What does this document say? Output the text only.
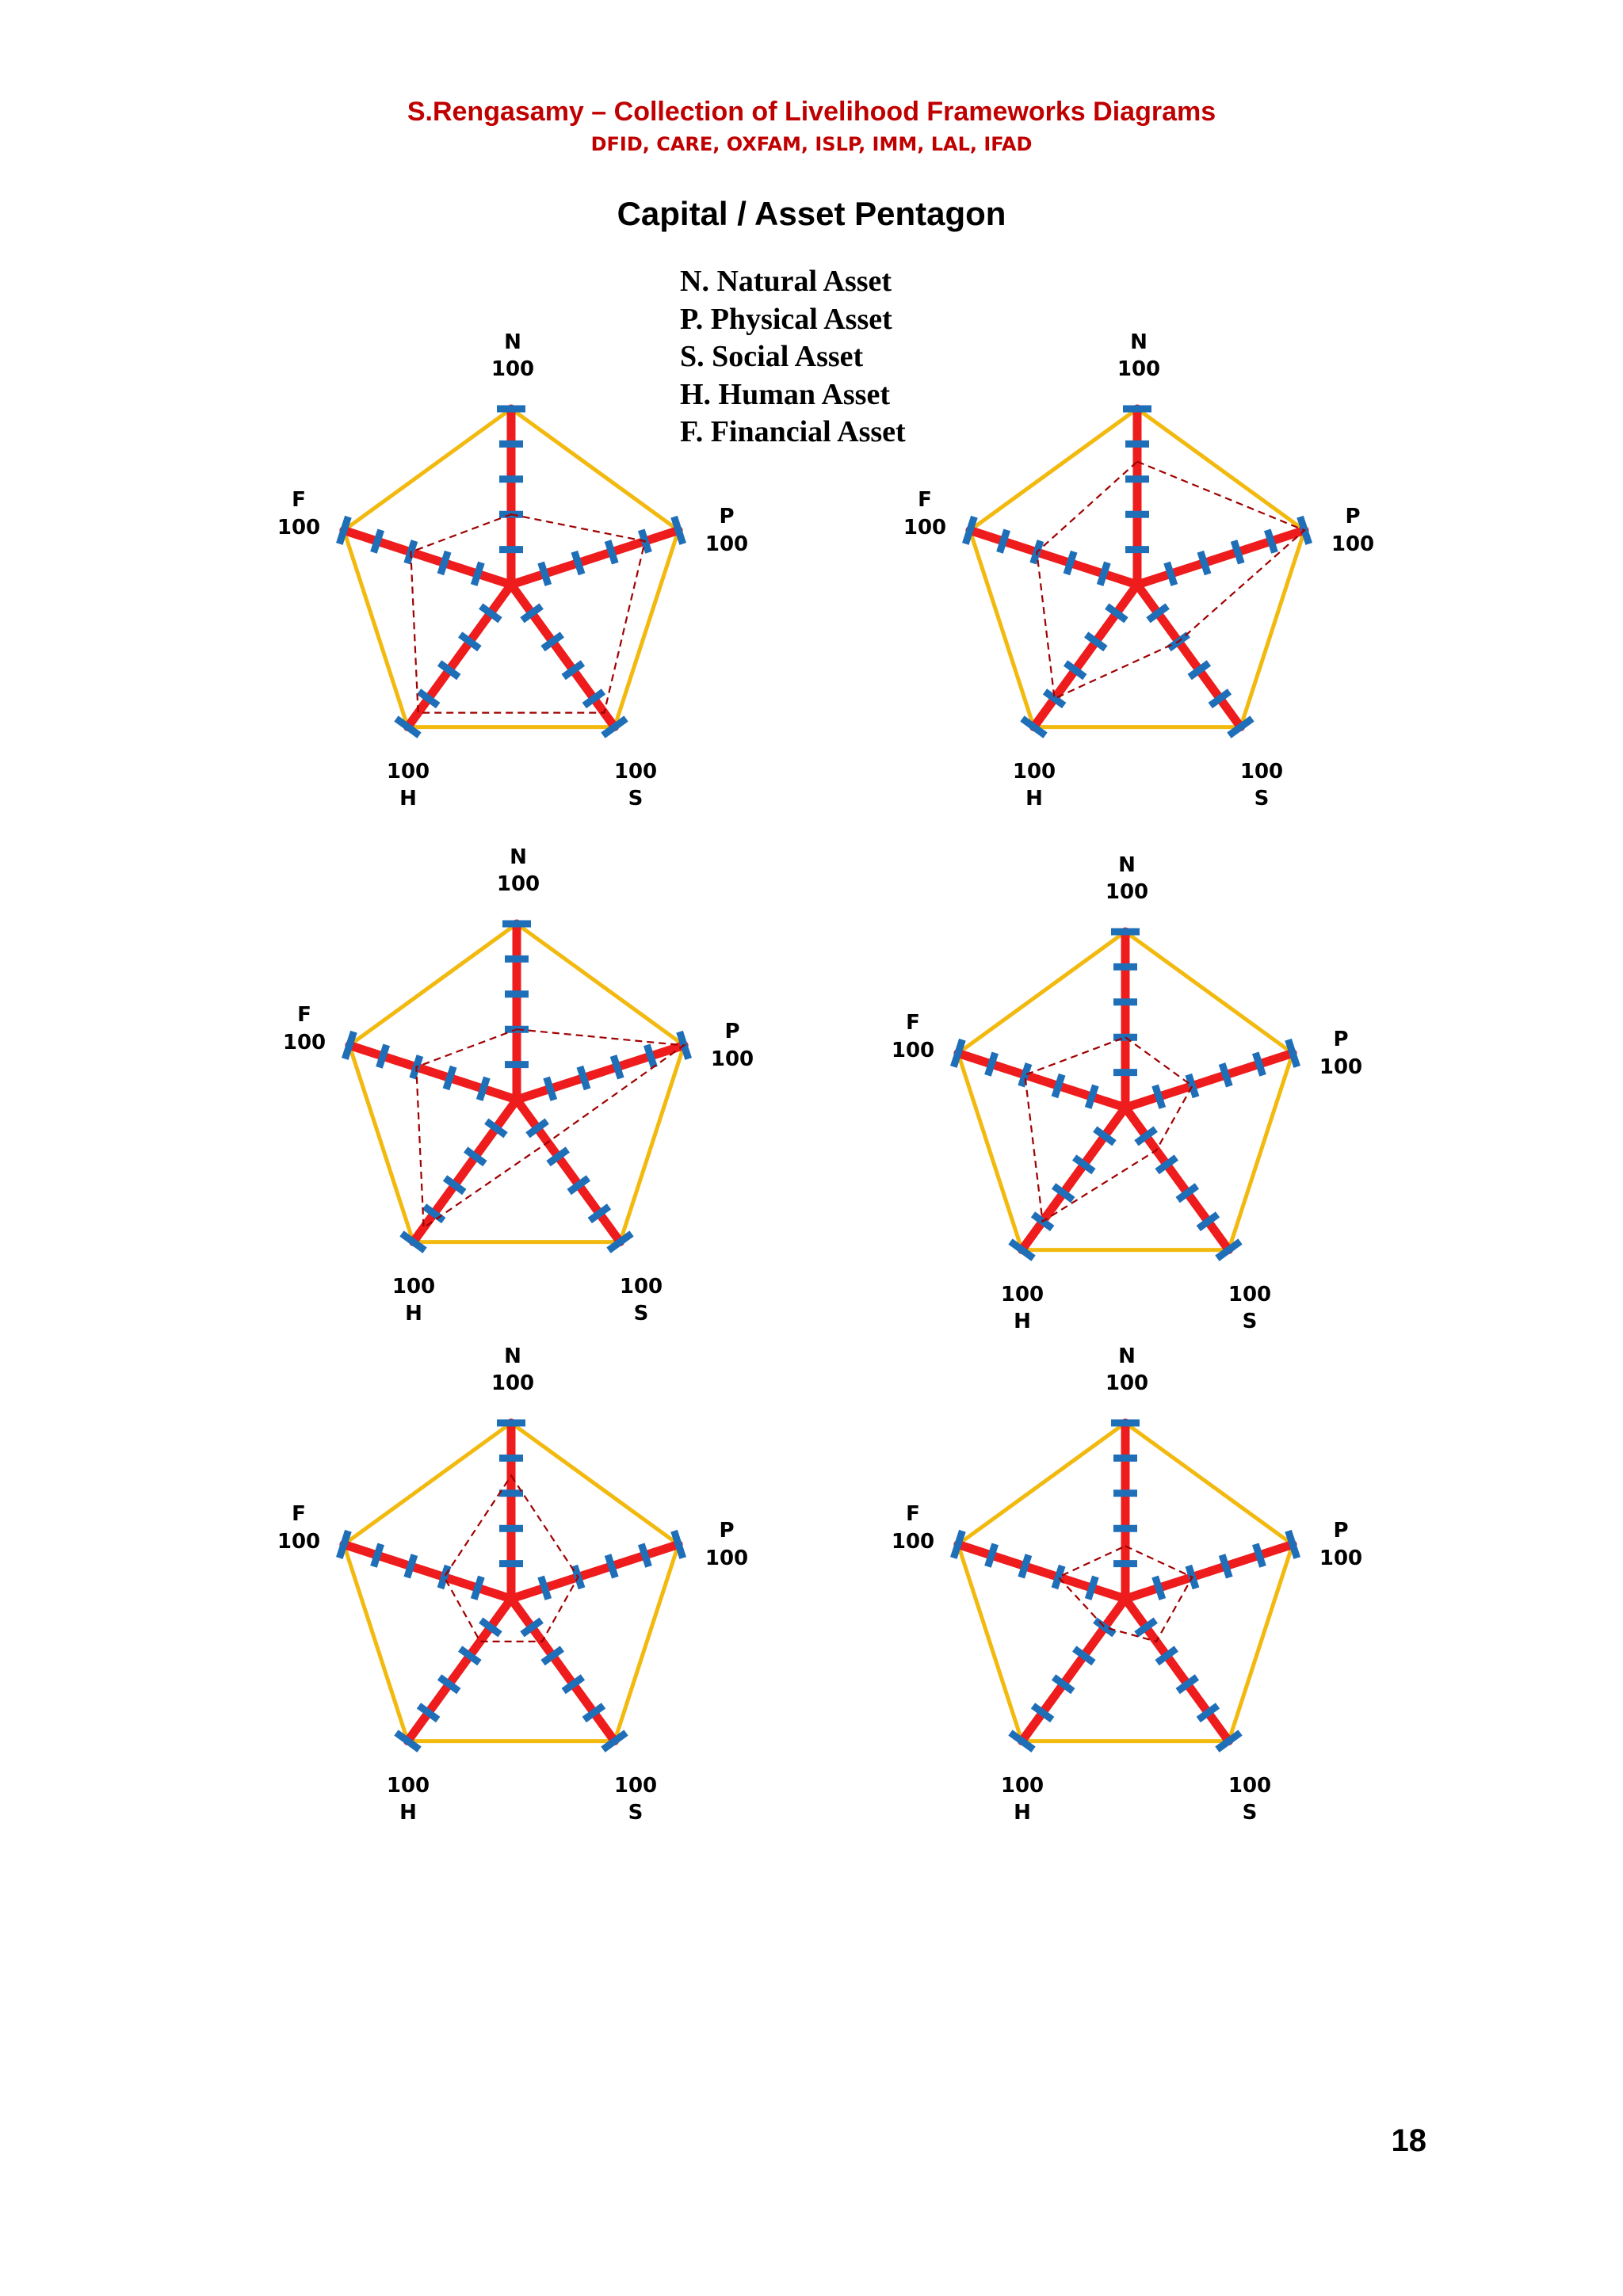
S.Rengasamy – Collection of Livelihood Frameworks Diagrams
DFID, CARE, OXFAM, ISLP, IMM, LAL, IFAD
Capital / Asset Pentagon
N. Natural Asset
P. Physical Asset
S. Social Asset
H. Human Asset
F. Financial Asset
N
100
P
100
F
100
100
H
100
S
N
100
P
100
F
100
100
H
100
S
N
100
P
100
F
100
100
H
100
S
N
100
P
100
F
100
100
H
100
S
N
100
P
100
F
100
100
H
100
S
N
100
P
100
F
100
100
H
100
S
18
